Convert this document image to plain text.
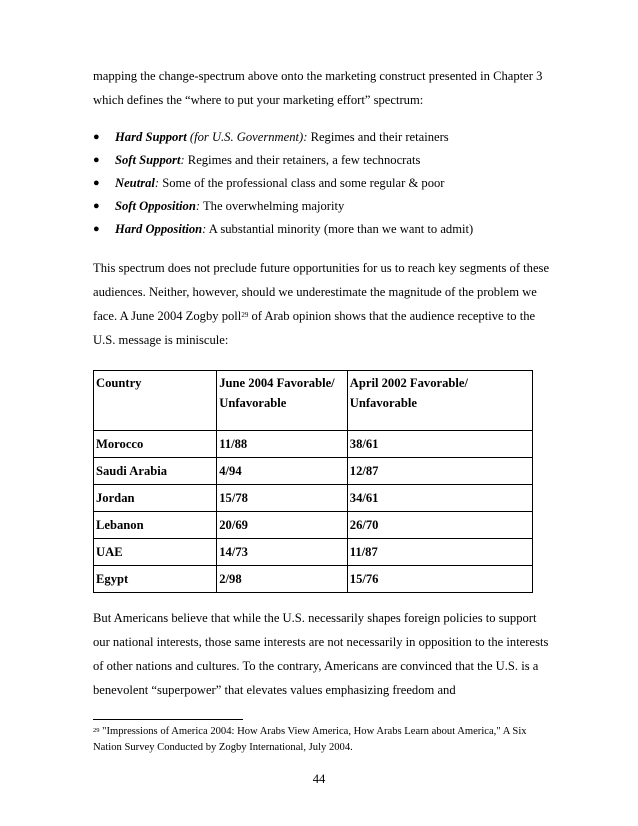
mapping the change-spectrum above onto the marketing construct presented in Chapter 3 which defines the “where to put your marketing effort” spectrum:

● Hard Support (for U.S. Government): Regimes and their retainers
● Soft Support: Regimes and their retainers, a few technocrats
● Neutral: Some of the professional class and some regular & poor
● Soft Opposition: The overwhelming majority
● Hard Opposition: A substantial minority (more than we want to admit)

This spectrum does not preclude future opportunities for us to reach key segments of these audiences. Neither, however, should we underestimate the magnitude of the problem we face. A June 2004 Zogby poll$^{29}$ of Arab opinion shows that the audience receptive to the U.S. message is miniscule:

Country	June 2004 Favorable/ Unfavorable	April 2002 Favorable/ Unfavorable
Morocco	11/88	38/61
Saudi Arabia	4/94	12/87
Jordan	15/78	34/61
Lebanon	20/69	26/70
UAE	14/73	11/87
Egypt	2/98	15/76

But Americans believe that while the U.S. necessarily shapes foreign policies to support our national interests, those same interests are not necessarily in opposition to the interests of other nations and cultures. To the contrary, Americans are convinced that the U.S. is a benevolent “superpower” that elevates values emphasizing freedom and

$^{29}$ "Impressions of America 2004: How Arabs View America, How Arabs Learn about America," A Six Nation Survey Conducted by Zogby International, July 2004.
44
